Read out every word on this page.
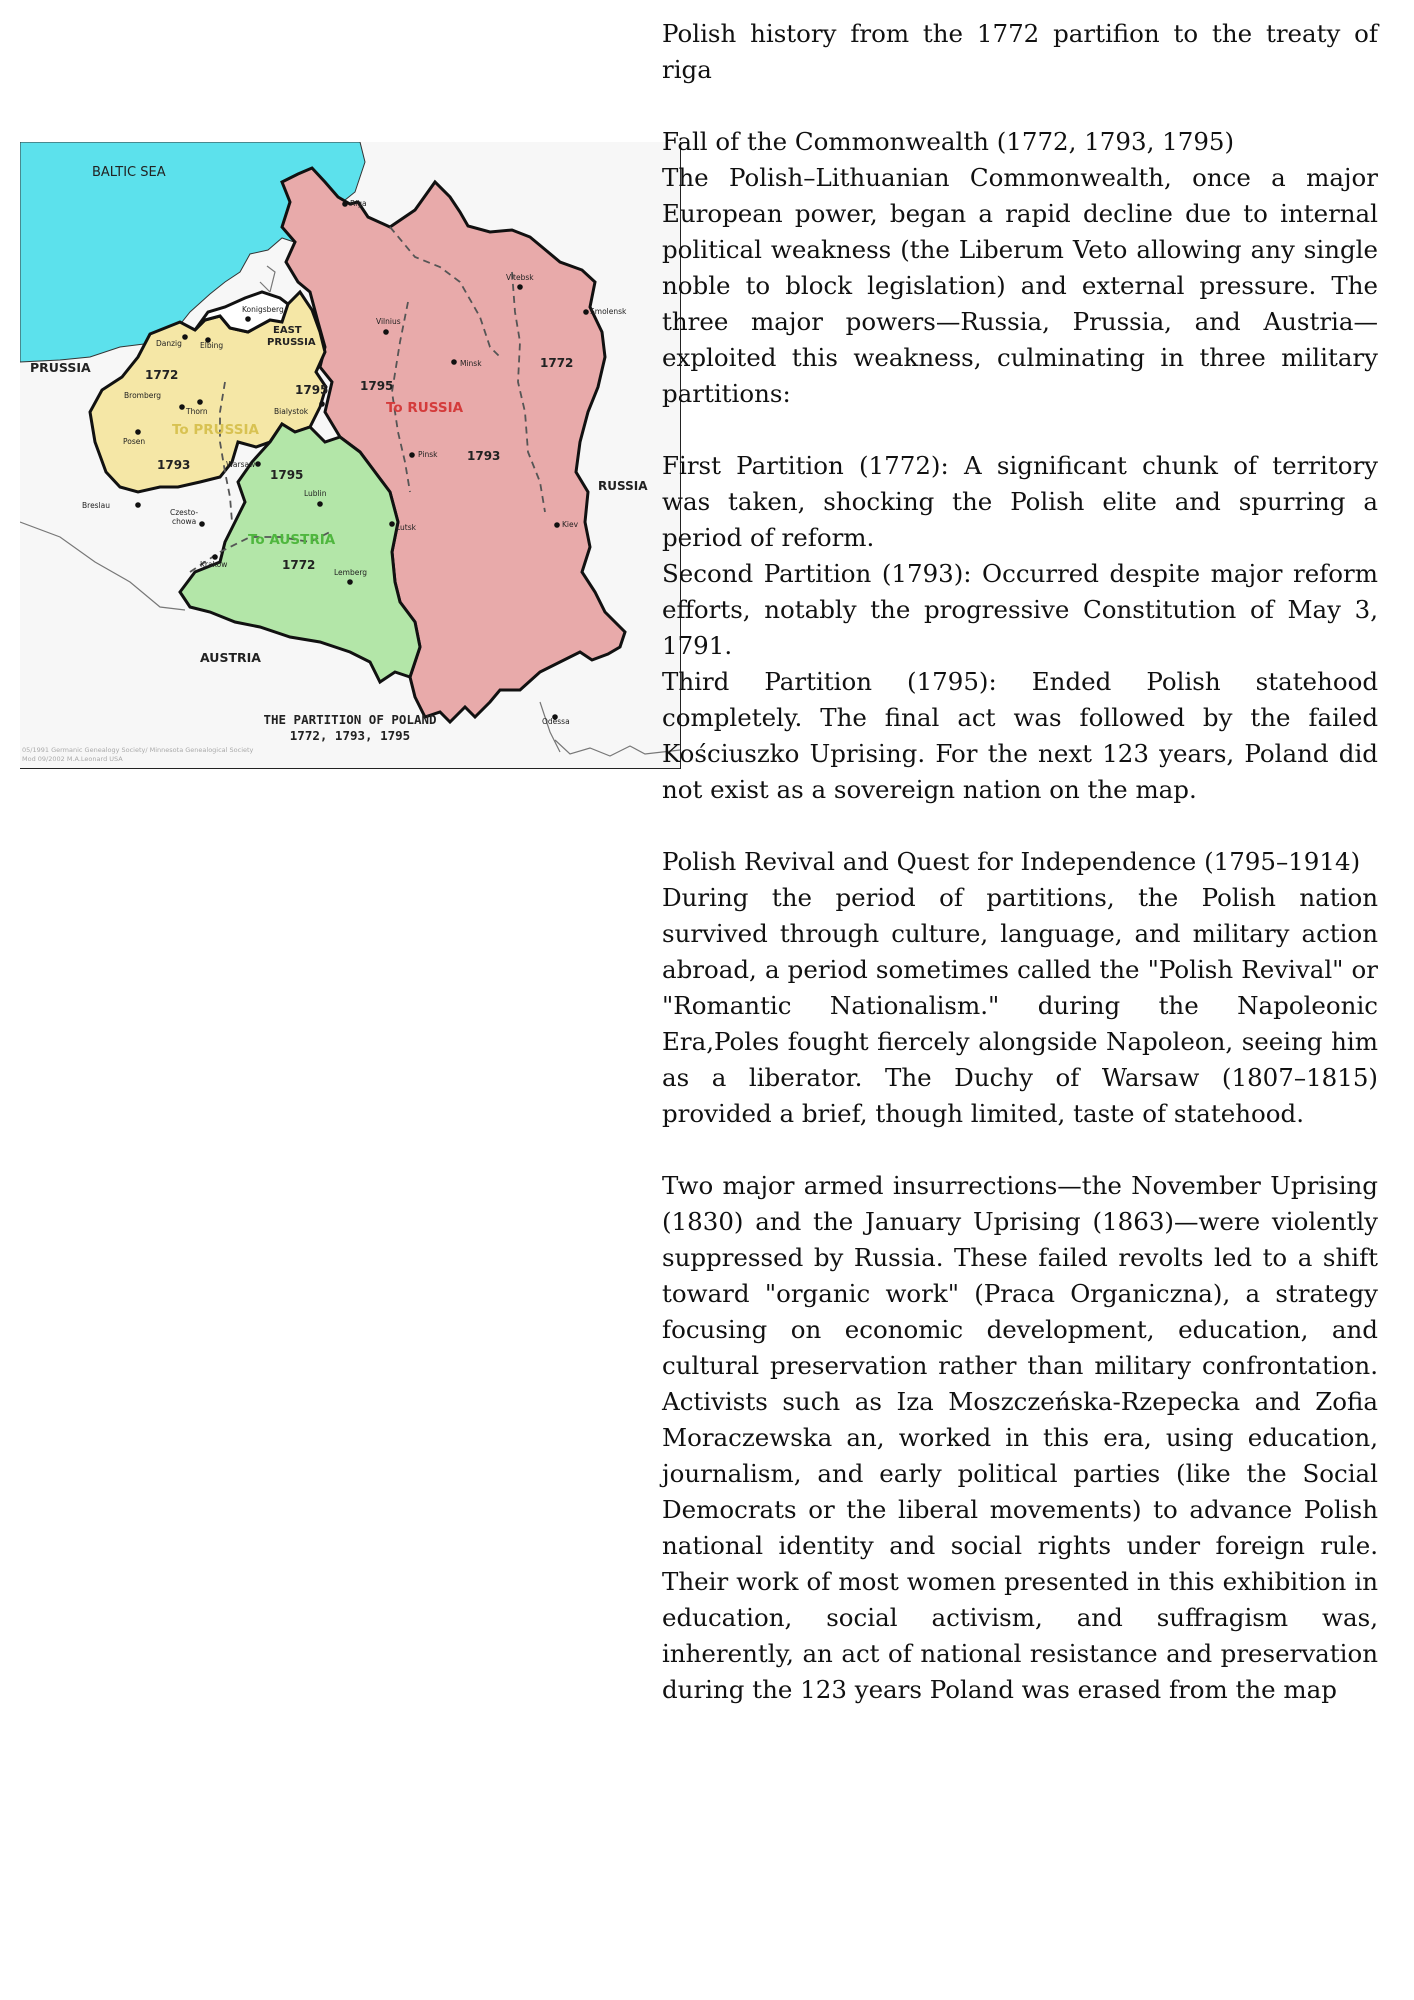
BALTIC SEA
PRUSSIA
EAST
PRUSSIA
RUSSIA
AUSTRIA
To PRUSSIA
To RUSSIA
To AUSTRIA
1772
1793
1795	1795
1793
1772
1795
1772
Riga
Konigsberg
Danzig Elbing
Vilnius
Vitebsk
Smolensk
Minsk
Bromberg
Thorn	Bialystok
Posen
Warsaw
Pinsk
Lublin
Breslau
Czesto-
chowa
Lutsk	Kiev
Krakow
Lemberg
Odessa
THE PARTITION OF POLAND
1772, 1793, 1795
05/1991 Germanic Genealogy Society/ Minnesota Genealogical Society
Mod 09/2002 M.A.Leonard USA

Polish history from the 1772 partifion to the treaty of riga

Fall of the Commonwealth (1772, 1793, 1795)

The Polish–Lithuanian Commonwealth, once a major European power, began a rapid decline due to internal political weakness (the Liberum Veto allowing any single noble to block legislation) and external pressure. The three major powers—Russia, Prussia, and Austria—exploited this weakness, culminating in three military partitions:

First Partition (1772): A significant chunk of territory was taken, shocking the Polish elite and spurring a period of reform.

Second Partition (1793): Occurred despite major reform efforts, notably the progressive Constitution of May 3, 1791.

Third Partition (1795): Ended Polish statehood completely. The final act was followed by the failed Kościuszko Uprising. For the next 123 years, Poland did not exist as a sovereign nation on the map.

Polish Revival and Quest for Independence (1795–1914)

During the period of partitions, the Polish nation survived through culture, language, and military action abroad, a period sometimes called the "Polish Revival" or "Romantic Nationalism." during the Napoleonic Era,Poles fought fiercely alongside Napoleon, seeing him as a liberator. The Duchy of Warsaw (1807–1815) provided a brief, though limited, taste of statehood.

Two major armed insurrections—the November Uprising (1830) and the January Uprising (1863)—were violently suppressed by Russia. These failed revolts led to a shift toward "organic work" (Praca Organiczna), a strategy focusing on economic development, education, and cultural preservation rather than military confrontation. Activists such as Iza Moszczeńska-Rzepecka and Zofia Moraczewska an, worked in this era, using education, journalism, and early political parties (like the Social Democrats or the liberal movements) to advance Polish national identity and social rights under foreign rule. Their work of most women presented in this exhibition in education, social activism, and suffragism was, inherently, an act of national resistance and preservation during the 123 years Poland was erased from the map
